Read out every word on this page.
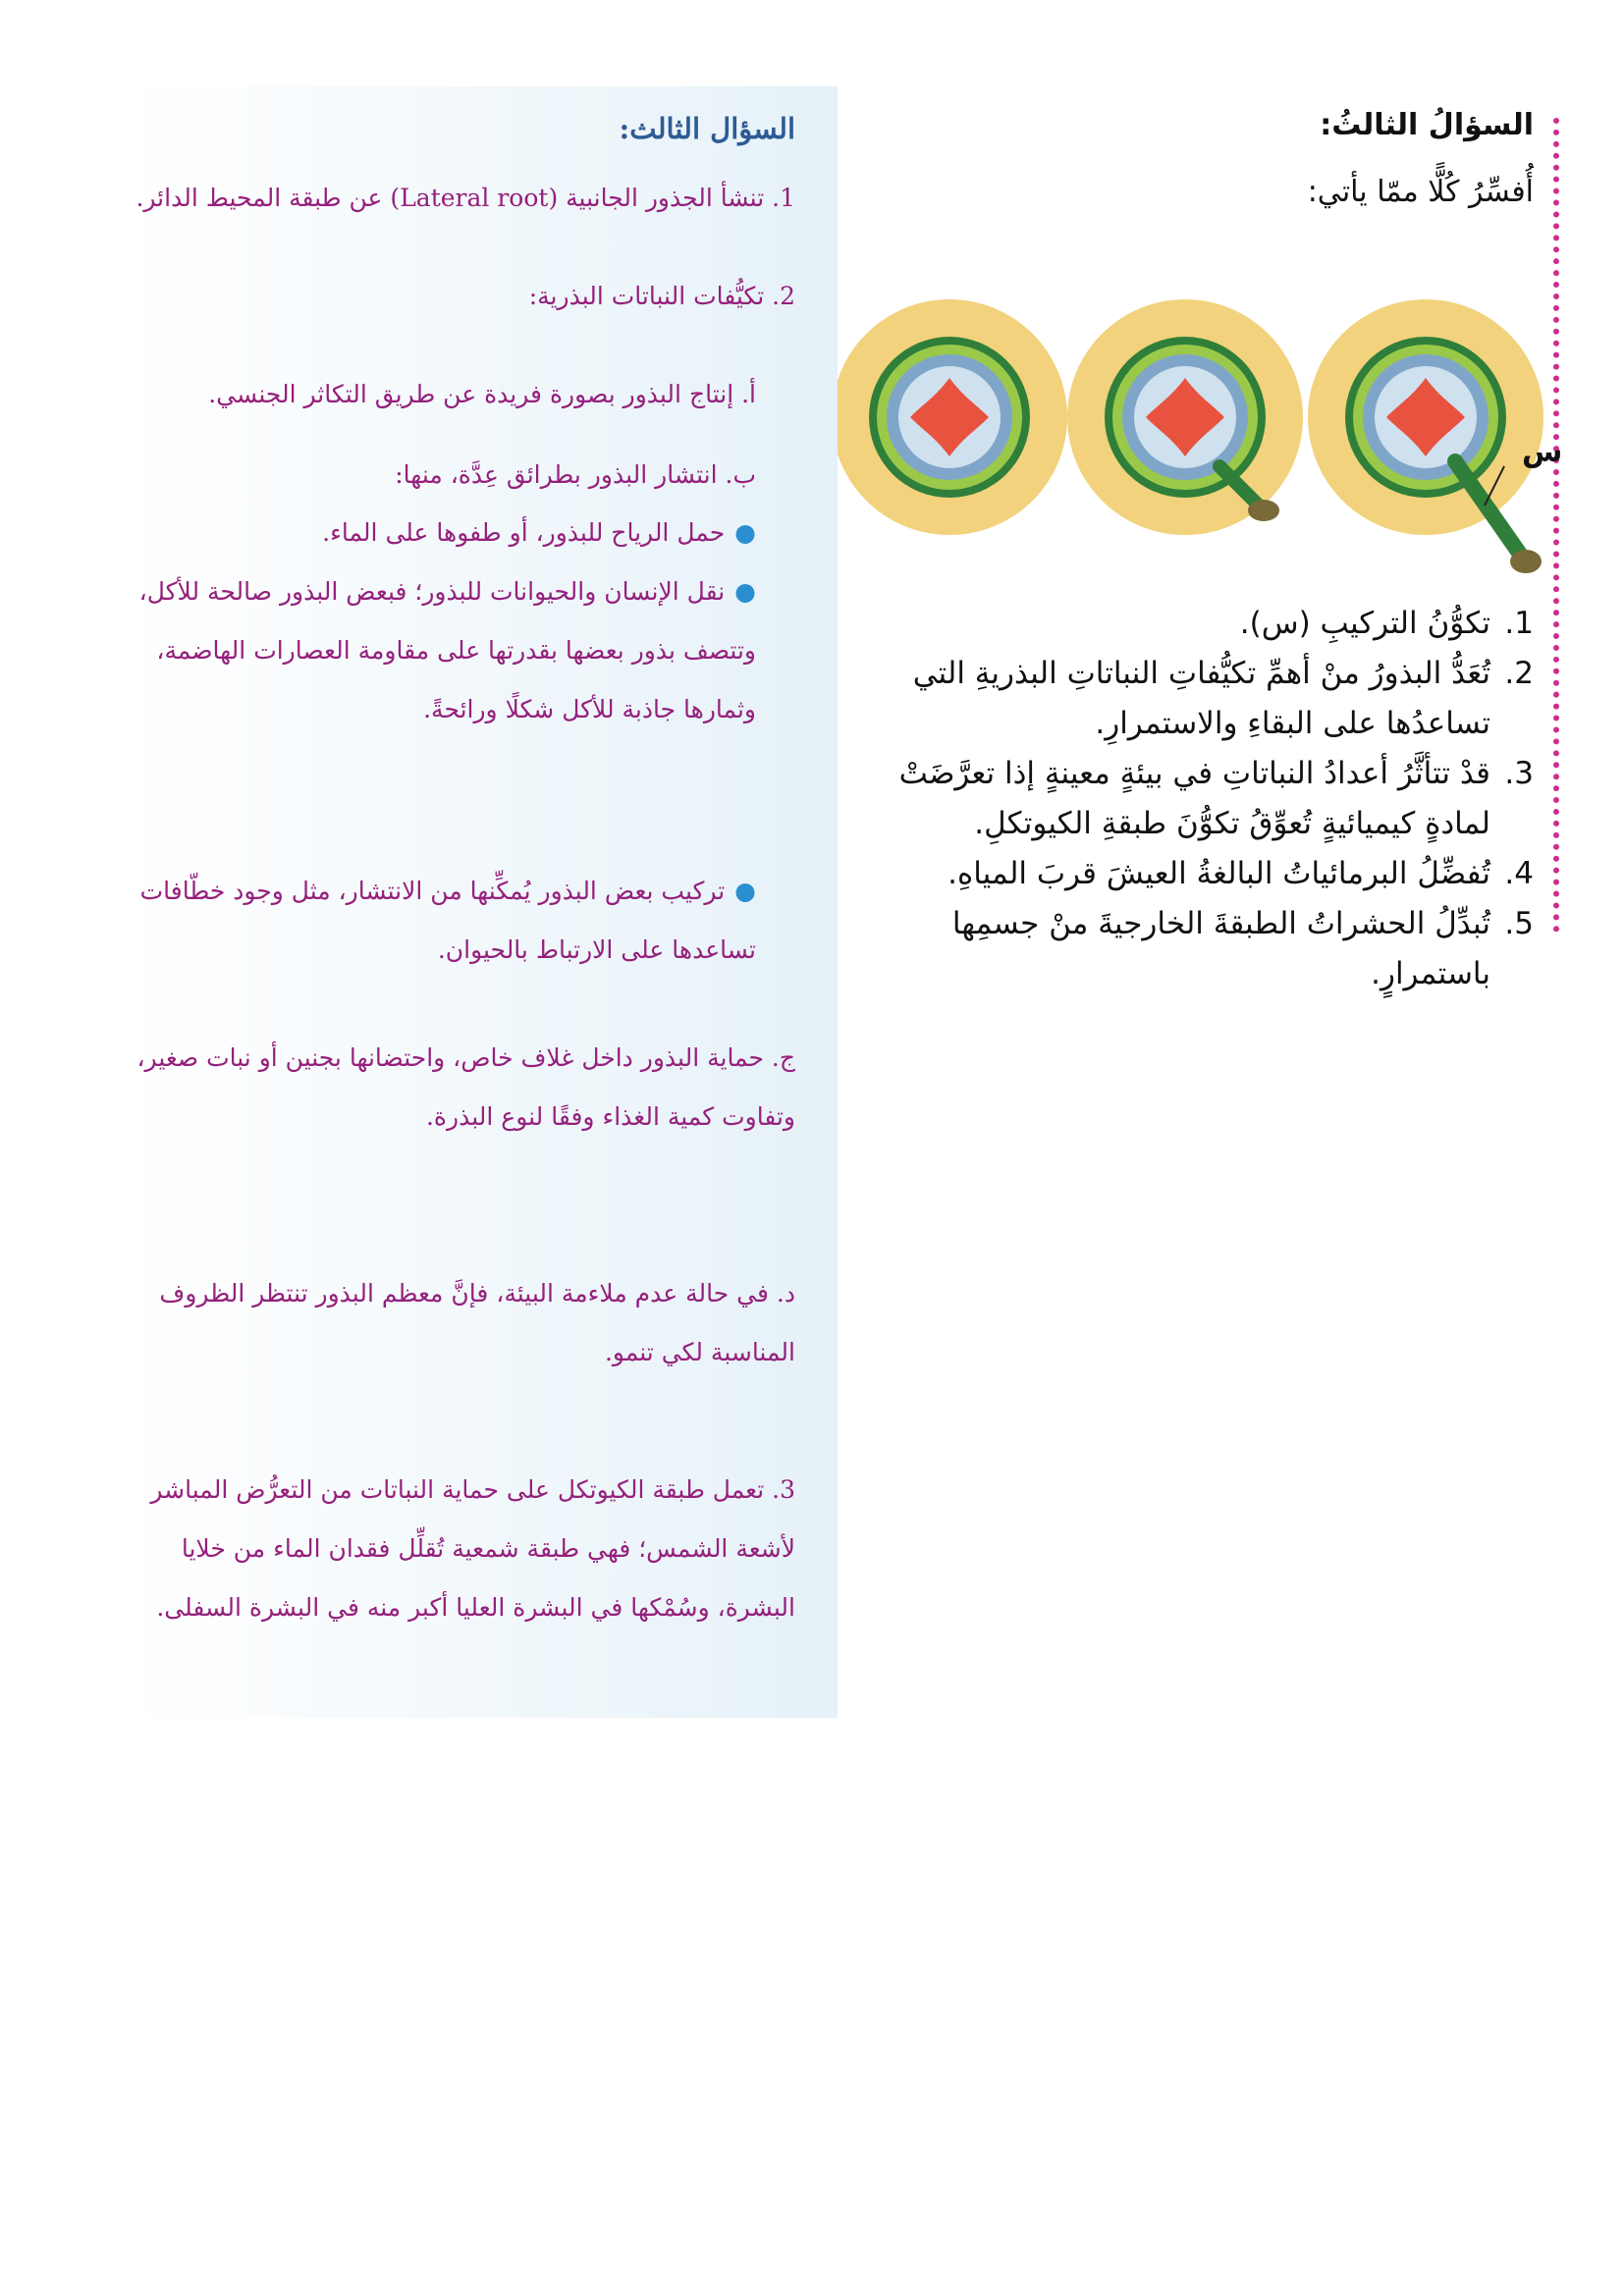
السؤالُ الثالثُ:

أُفسِّرُ كُلًّا ممّا يأتي:

س
1.
تكوُّنُ التركيبِ (س).
2.
تُعَدُّ البذورُ منْ أهمِّ تكيُّفاتِ النباتاتِ البذريةِ التي تساعدُها على البقاءِ والاستمرارِ.
3.
قدْ تتأثَّرُ أعدادُ النباتاتِ في بيئةٍ معينةٍ إذا تعرَّضَتْ لمادةٍ كيميائيةٍ تُعوِّقُ تكوُّنَ طبقةِ الكيوتكلِ.
4.
تُفضِّلُ البرمائياتُ البالغةُ العيشَ قربَ المياهِ.
5.
تُبدِّلُ الحشراتُ الطبقةَ الخارجيةَ منْ جسمِها باستمرارٍ.
السؤال الثالث:

1. تنشأ الجذور الجانبية (Lateral root) عن طبقة المحيط الدائر.

2. تكيُّفات النباتات البذرية:

أ. إنتاج البذور بصورة فريدة عن طريق التكاثر الجنسي.

ب. انتشار البذور بطرائق عِدَّة، منها:

●حمل الرياح للبذور، أو طفوها على الماء.

●نقل الإنسان والحيوانات للبذور؛ فبعض البذور صالحة للأكل، وتتصف بذور بعضها بقدرتها على مقاومة العصارات الهاضمة، وثمارها جاذبة للأكل شكلًا ورائحةً.

●تركيب بعض البذور يُمكِّنها من الانتشار، مثل وجود خطّافات تساعدها على الارتباط بالحيوان.

ج. حماية البذور داخل غلاف خاص، واحتضانها بجنين أو نبات صغير، وتفاوت كمية الغذاء وفقًا لنوع البذرة.

د. في حالة عدم ملاءمة البيئة، فإنَّ معظم البذور تنتظر الظروف المناسبة لكي تنمو.

3. تعمل طبقة الكيوتكل على حماية النباتات من التعرُّض المباشر لأشعة الشمس؛ فهي طبقة شمعية تُقلِّل فقدان الماء من خلايا البشرة، وسُمْكها في البشرة العليا أكبر منه في البشرة السفلى.
